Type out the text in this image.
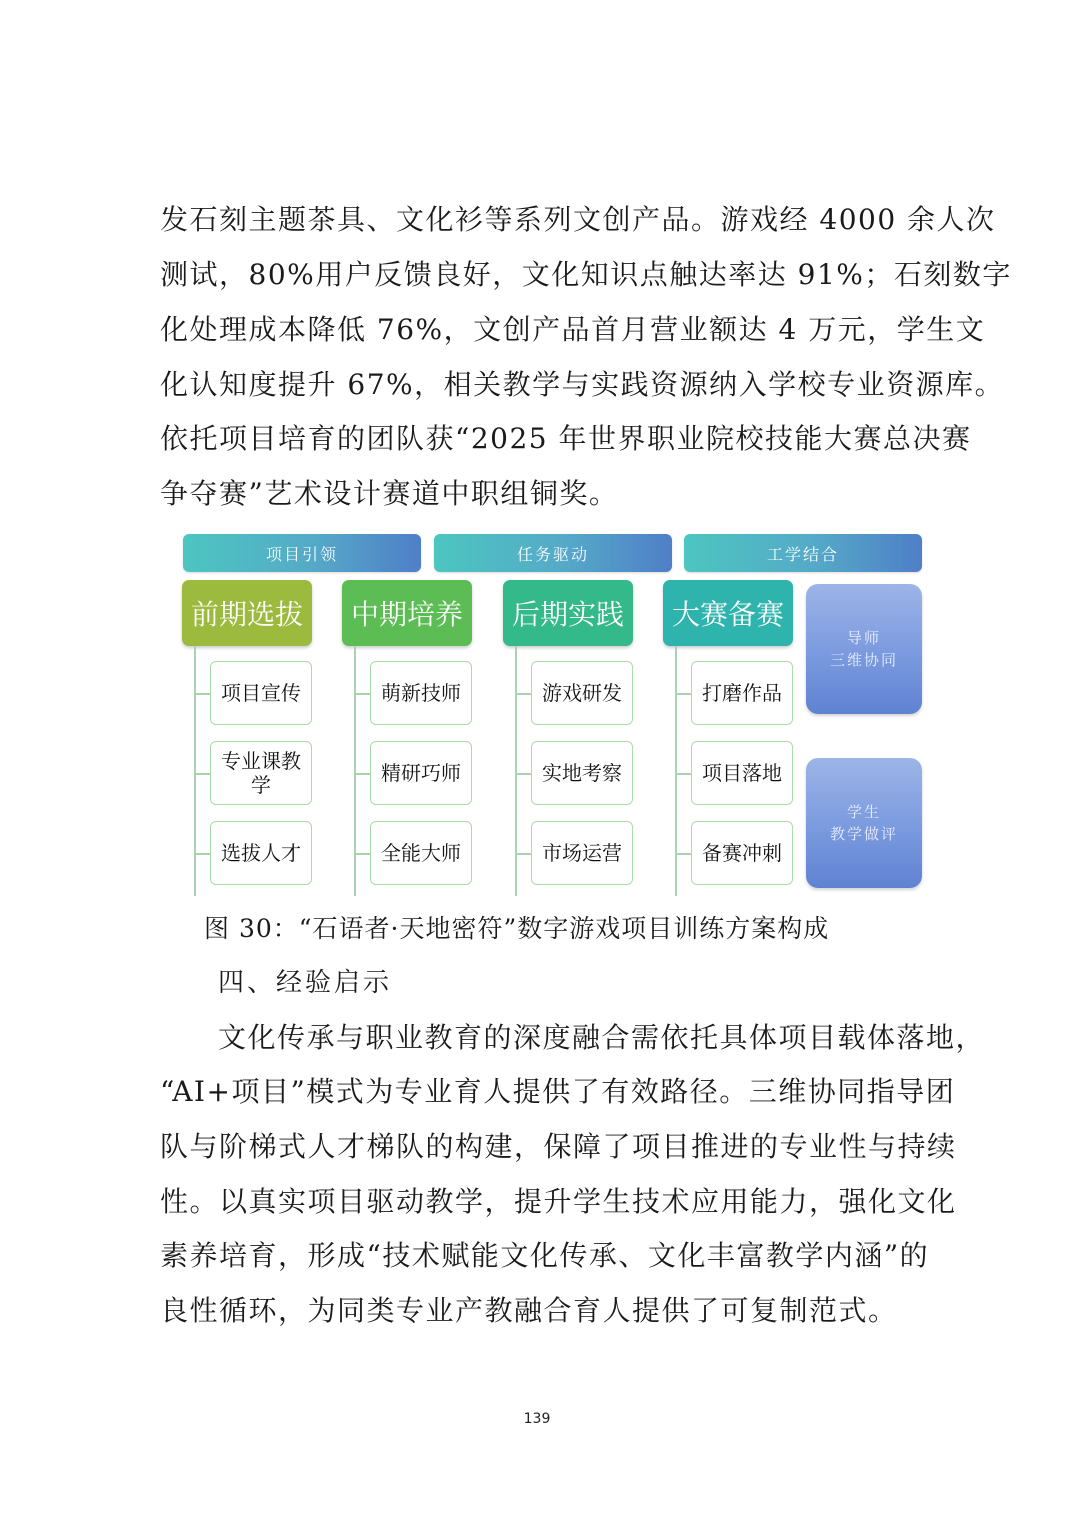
发石刻主题茶具、文化衫等系列文创产品。游戏经 4000 余人次
测试，80%用户反馈良好，文化知识点触达率达 91%；石刻数字
化处理成本降低 76%，文创产品首月营业额达 4 万元，学生文
化认知度提升 67%，相关教学与实践资源纳入学校专业资源库。
依托项目培育的团队获“2025 年世界职业院校技能大赛总决赛
争夺赛”艺术设计赛道中职组铜奖。
项目引领	任务驱动	工学结合
前期选拔
项目宣传
专业课教学
选拔人才
中期培养
萌新技师
精研巧师
全能大师
后期实践
游戏研发
实地考察
市场运营
大赛备赛
打磨作品
项目落地
备赛冲刺
导师
三维协同
学生
教学做评
图 30：“石语者·天地密符”数字游戏项目训练方案构成
四、经验启示
文化传承与职业教育的深度融合需依托具体项目载体落地，
“AI+项目”模式为专业育人提供了有效路径。三维协同指导团
队与阶梯式人才梯队的构建，保障了项目推进的专业性与持续
性。以真实项目驱动教学，提升学生技术应用能力，强化文化
素养培育，形成“技术赋能文化传承、文化丰富教学内涵”的
良性循环，为同类专业产教融合育人提供了可复制范式。
139
